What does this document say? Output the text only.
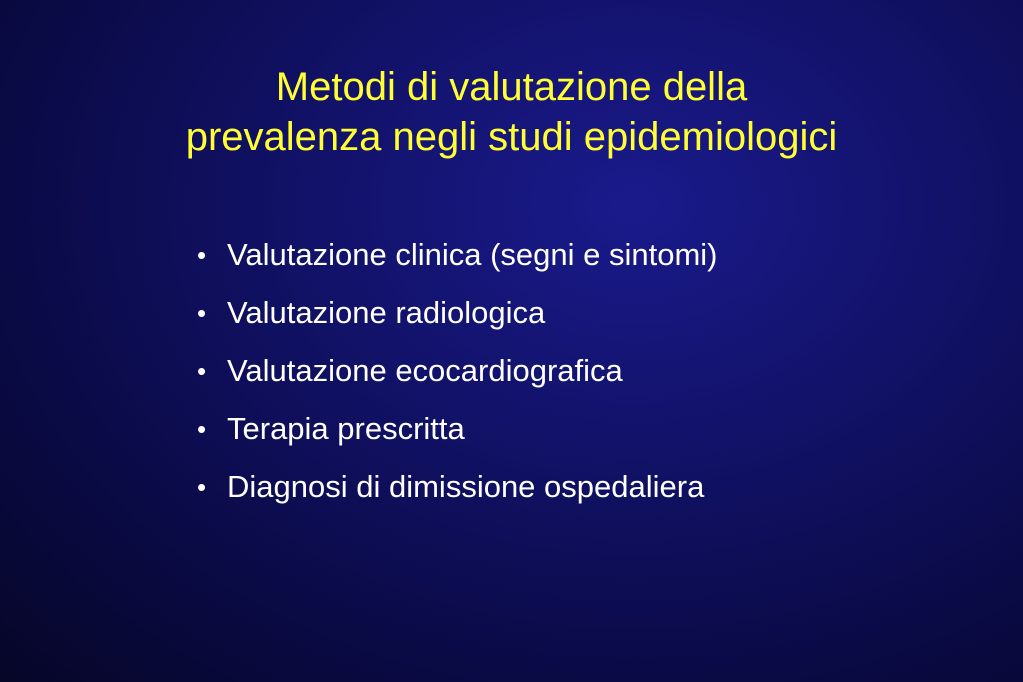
Metodi di valutazione della
prevalenza negli studi epidemiologici
• Valutazione clinica (segni e sintomi)
• Valutazione radiologica
• Valutazione ecocardiografica
• Terapia prescritta
• Diagnosi di dimissione ospedaliera
